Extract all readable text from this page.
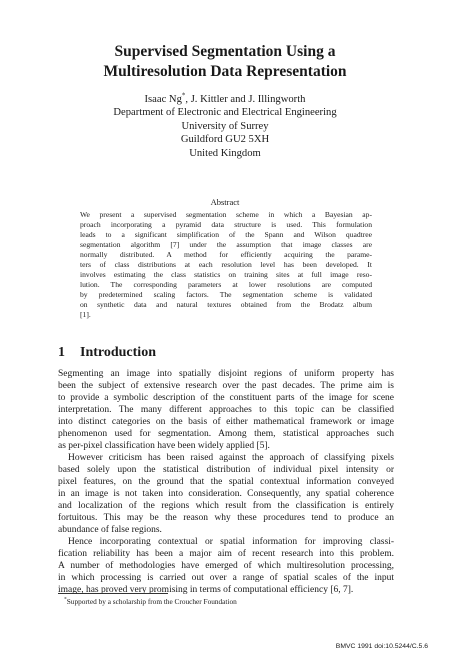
Supervised Segmentation Using a
Multiresolution Data Representation
Isaac Ng*, J. Kittler and J. Illingworth
Department of Electronic and Electrical Engineering
University of Surrey
Guildford GU2 5XH
United Kingdom
Abstract
We present a supervised segmentation scheme in which a Bayesian ap-
proach incorporating a pyramid data structure is used. This formulation
leads to a significant simplification of the Spann and Wilson quadtree
segmentation algorithm [7] under the assumption that image classes are
normally distributed. A method for efficiently acquiring the parame-
ters of class distributions at each resolution level has been developed. It
involves estimating the class statistics on training sites at full image reso-
lution. The corresponding parameters at lower resolutions are computed
by predetermined scaling factors. The segmentation scheme is validated
on synthetic data and natural textures obtained from the Brodatz album
[1].
1 Introduction
Segmenting an image into spatially disjoint regions of uniform property has
been the subject of extensive research over the past decades. The prime aim is
to provide a symbolic description of the constituent parts of the image for scene
interpretation. The many different approaches to this topic can be classified
into distinct categories on the basis of either mathematical framework or image
phenomenon used for segmentation. Among them, statistical approaches such
as per-pixel classification have been widely applied [5].
However criticism has been raised against the approach of classifying pixels
based solely upon the statistical distribution of individual pixel intensity or
pixel features, on the ground that the spatial contextual information conveyed
in an image is not taken into consideration. Consequently, any spatial coherence
and localization of the regions which result from the classification is entirely
fortuitous. This may be the reason why these procedures tend to produce an
abundance of false regions.
Hence incorporating contextual or spatial information for improving classi-
fication reliability has been a major aim of recent research into this problem.
A number of methodologies have emerged of which multiresolution processing,
in which processing is carried out over a range of spatial scales of the input
image, has proved very promising in terms of computational efficiency [6, 7].
*Supported by a scholarship from the Croucher Foundation
BMVC 1991 doi:10.5244/C.5.6
